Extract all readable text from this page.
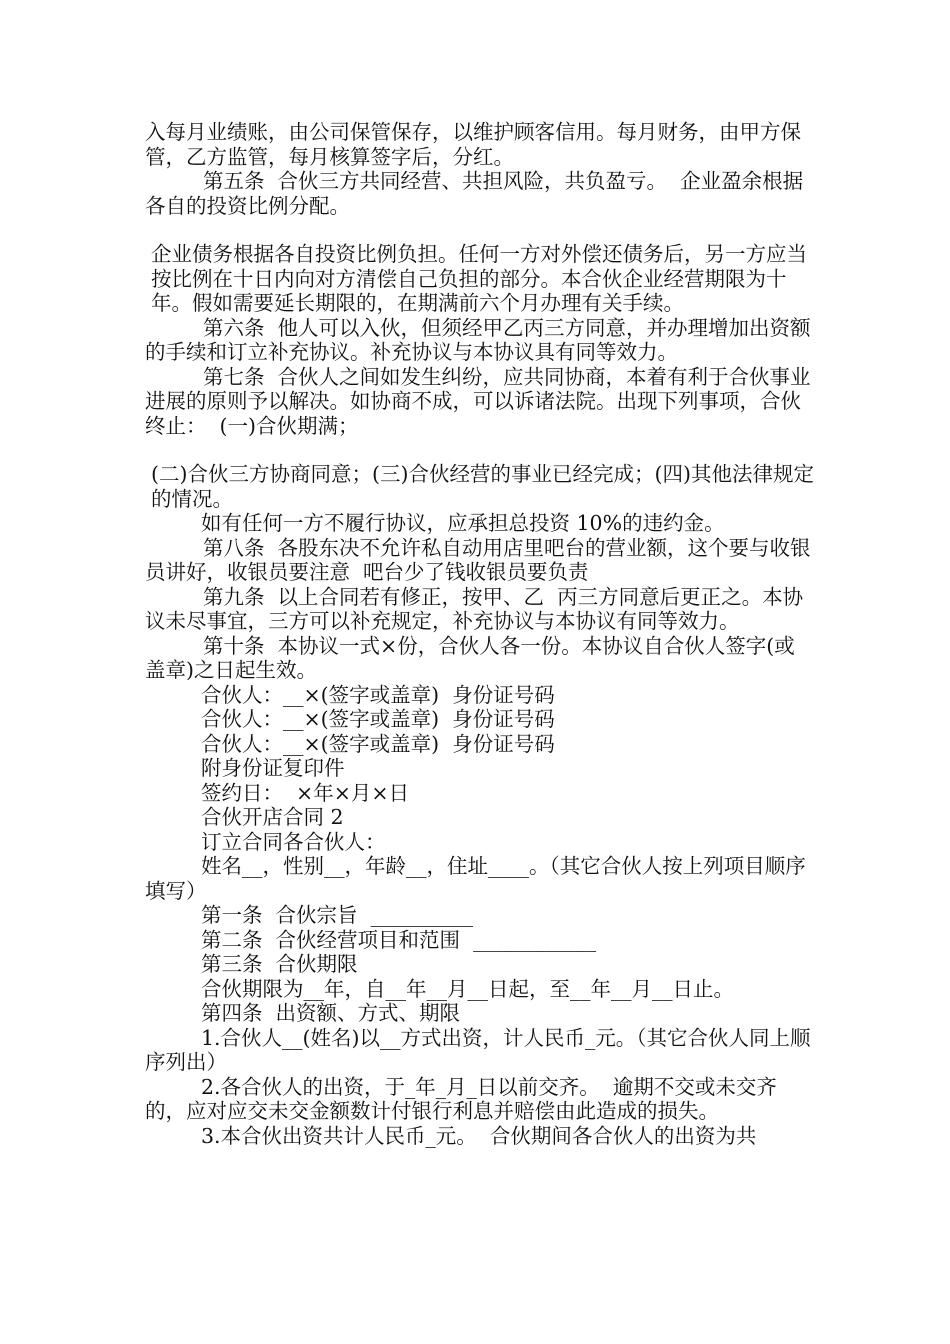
入每月业绩账，由公司保管保存，以维护顾客信用。每月财务，由甲方保管，乙方监管，每月核算签字后，分红。
第五条  合伙三方共同经营、共担风险，共负盈亏。  企业盈余根据各自的投资比例分配。
企业债务根据各自投资比例负担。任何一方对外偿还债务后，另一方应当按比例在十日内向对方清偿自己负担的部分。本合伙企业经营期限为十年。假如需要延长期限的，在期满前六个月办理有关手续。
第六条  他人可以入伙，但须经甲乙丙三方同意，并办理增加出资额的手续和订立补充协议。补充协议与本协议具有同等效力。
第七条  合伙人之间如发生纠纷，应共同协商，本着有利于合伙事业进展的原则予以解决。如协商不成，可以诉诸法院。出现下列事项，合伙终止：  (一)合伙期满；
(二)合伙三方协商同意；(三)合伙经营的事业已经完成；(四)其他法律规定的情况。
如有任何一方不履行协议，应承担总投资 10%的违约金。
第八条  各股东决不允许私自动用店里吧台的营业额，这个要与收银员讲好，收银员要注意  吧台少了钱收银员要负责
第九条  以上合同若有修正，按甲、乙  丙三方同意后更正之。本协议未尽事宜，三方可以补充规定，补充协议与本协议有同等效力。
第十条  本协议一式×份，合伙人各一份。本协议自合伙人签字(或盖章)之日起生效。
合伙人：__×(签字或盖章)  身份证号码
合伙人：__×(签字或盖章)  身份证号码
合伙人：__×(签字或盖章)  身份证号码
附身份证复印件
签约日：  ×年×月×日
合伙开店合同 2
订立合同各合伙人：
姓名__，性别__，年龄__，住址____。（其它合伙人按上列项目顺序填写）
第一条  合伙宗旨  __________
第二条  合伙经营项目和范围  ____________
第三条  合伙期限
合伙期限为__年，自__年__月__日起，至__年__月__日止。
第四条  出资额、方式、期限
1.合伙人__(姓名)以__方式出资，计人民币_元。（其它合伙人同上顺序列出）
2.各合伙人的出资，于_年_月_日以前交齐。  逾期不交或未交齐的，应对应交未交金额数计付银行利息并赔偿由此造成的损失。
3.本合伙出资共计人民币_元。  合伙期间各合伙人的出资为共
